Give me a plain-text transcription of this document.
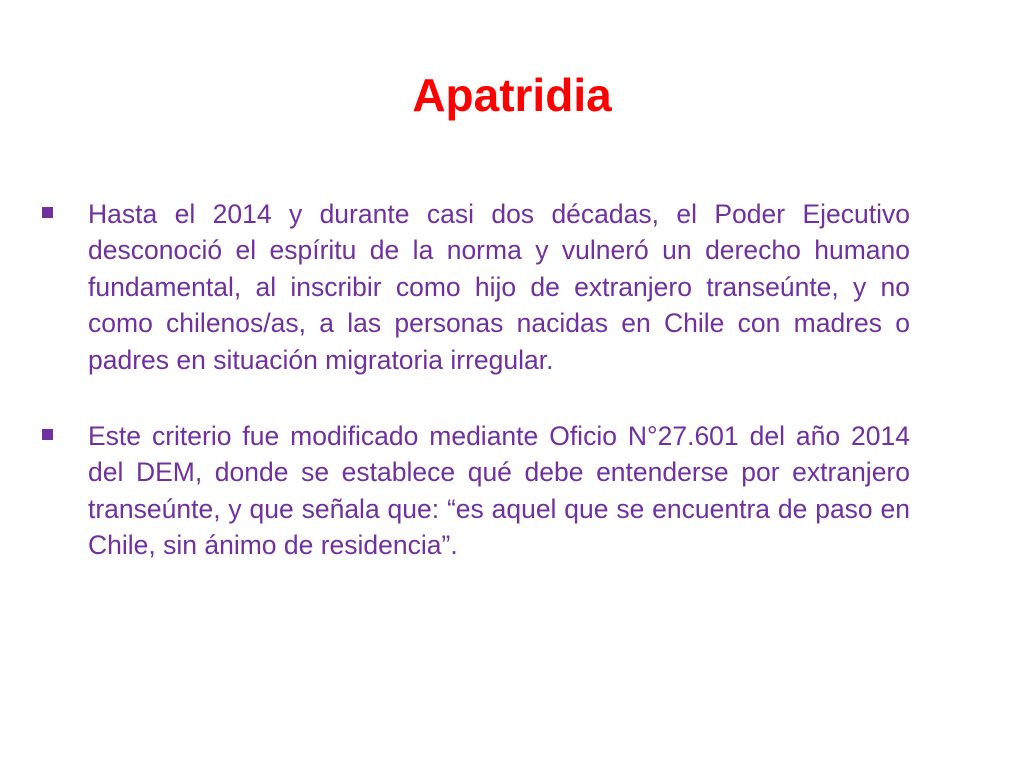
Apatridia
Hasta el 2014 y durante casi dos décadas, el Poder Ejecutivo desconoció el espíritu de la norma y vulneró un derecho humano fundamental, al inscribir como hijo de extranjero transeúnte, y no como chilenos/as, a las personas nacidas en Chile con madres o padres en situación migratoria irregular.
Este criterio fue modificado mediante Oficio N°27.601 del año 2014 del DEM, donde se establece qué debe entenderse por extranjero transeúnte, y que señala que: “es aquel que se encuentra de paso en Chile, sin ánimo de residencia”.
